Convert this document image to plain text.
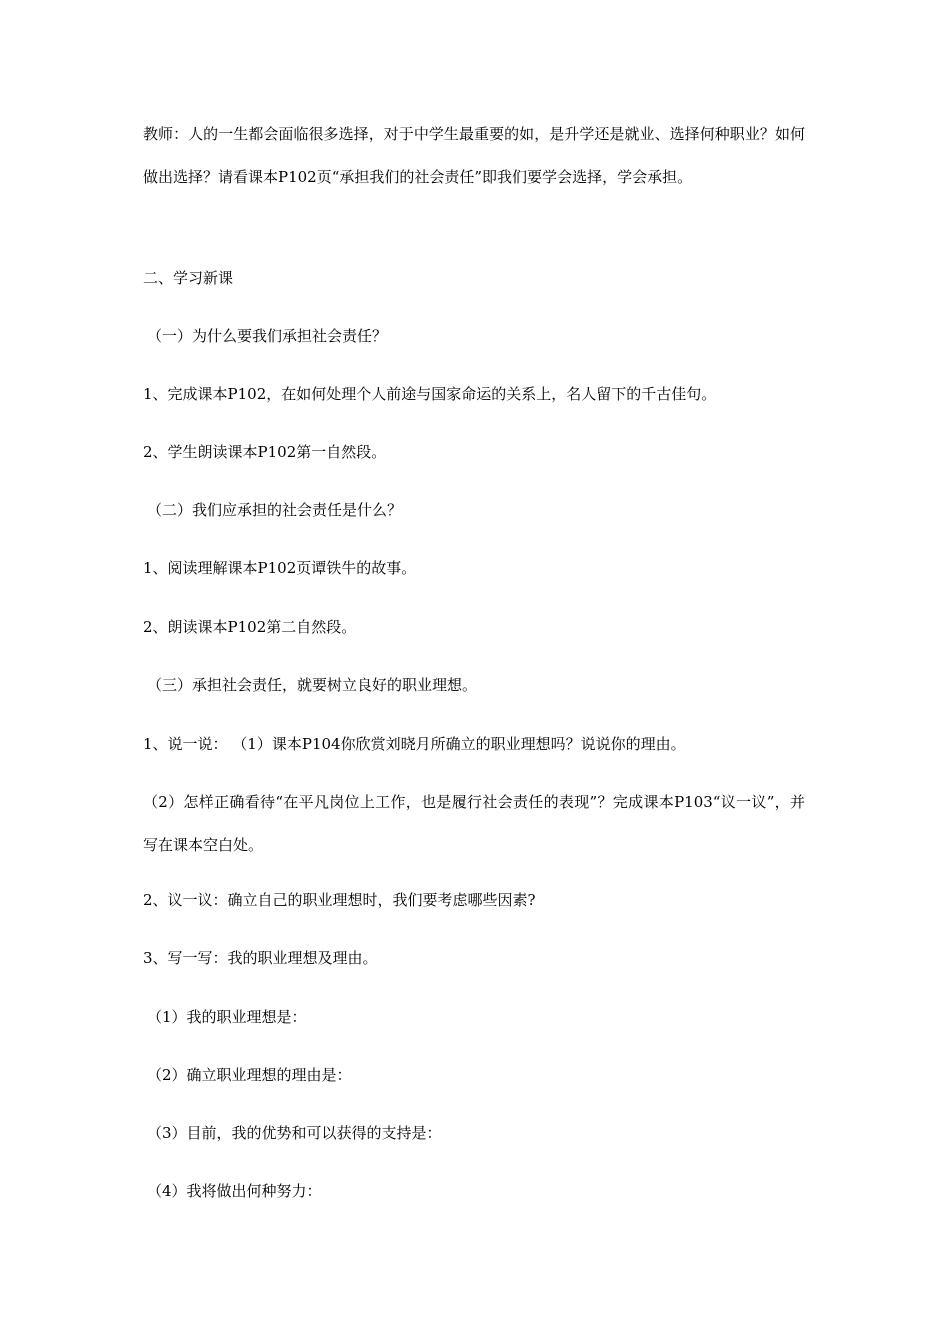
教师：人的一生都会面临很多选择，对于中学生最重要的如，是升学还是就业、选择何种职业？如何做出选择？请看课本P102页“承担我们的社会责任”即我们要学会选择，学会承担。
二、学习新课
（一）为什么要我们承担社会责任？
1、完成课本P102，在如何处理个人前途与国家命运的关系上，名人留下的千古佳句。
2、学生朗读课本P102第一自然段。
（二）我们应承担的社会责任是什么？
1、阅读理解课本P102页谭铁牛的故事。
2、朗读课本P102第二自然段。
（三）承担社会责任，就要树立良好的职业理想。
1、说一说： （1）课本P104你欣赏刘晓月所确立的职业理想吗？说说你的理由。
（2）怎样正确看待“在平凡岗位上工作，也是履行社会责任的表现”？完成课本P103“议一议”，并写在课本空白处。
2、议一议：确立自己的职业理想时，我们要考虑哪些因素?
3、写一写：我的职业理想及理由。
（1）我的职业理想是：
（2）确立职业理想的理由是：
（3）目前，我的优势和可以获得的支持是：
（4）我将做出何种努力：
